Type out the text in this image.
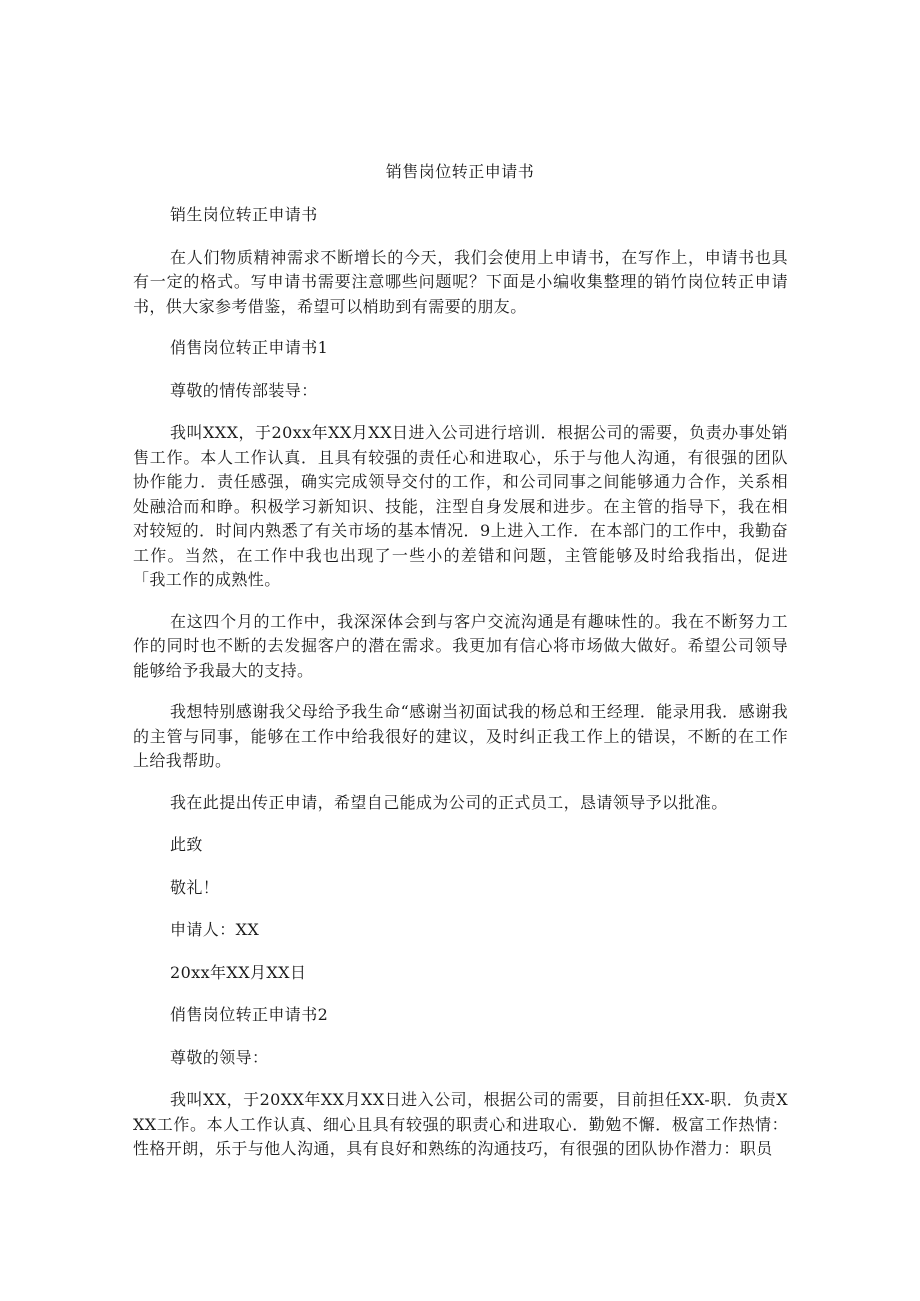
销售岗位转正申请书

销生岗位转正申请书

在人们物质精神需求不断增长的今天，我们会使用上申请书，在写作上，申请书也具有一定的格式。写申请书需要注意哪些问题呢？下面是小编收集整理的销竹岗位转正申请书，供大家参考借鉴，希望可以梢助到有需要的朋友。

俏售岗位转正申请书1

尊敬的情传部装导：

我叫XXX，于20xx年XX月XX日进入公司进行培训．根据公司的需要，负责办事处销售工作。本人工作认真．且具有较强的责任心和进取心，乐于与他人沟通，有很强的团队协作能力．责任感强，确实完成领导交付的工作，和公司同事之间能够通力合作，关系相处融洽而和睁。积极学习新知识、技能，注型自身发展和进步。在主管的指导下，我在相对较短的．时间内熟悉了有关市场的基本情况．9上进入工作．在本部门的工作中，我勤奋工作。当然，在工作中我也出现了一些小的差错和问题，主管能够及时给我指出，促进「我工作的成熟性。

在这四个月的工作中，我深深体会到与客户交流沟通是有趣味性的。我在不断努力工作的同时也不断的去发掘客户的潜在需求。我更加有信心将市场做大做好。希望公司领导能够给予我最大的支持。

我想特别感谢我父母给予我生命“感谢当初面试我的杨总和王经理．能录用我．感谢我的主管与同事，能够在工作中给我很好的建议，及时纠正我工作上的错误，不断的在工作上给我帮助。

我在此提出传正申请，希望自己能成为公司的正式员工，恳请领导予以批准。

此致

敬礼！

申请人：XX

20xx年XX月XX日

俏售岗位转正申请书2

尊敬的领导：

我叫XX，于20XX年XX月XX日进入公司，根据公司的需要，目前担任XX-职．负责XXX工作。本人工作认真、细心且具有较强的职责心和进取心．勤勉不懈．极富工作热情：性格开朗，乐于与他人沟通，具有良好和熟练的沟通技巧，有很强的团队协作潜力：职员
